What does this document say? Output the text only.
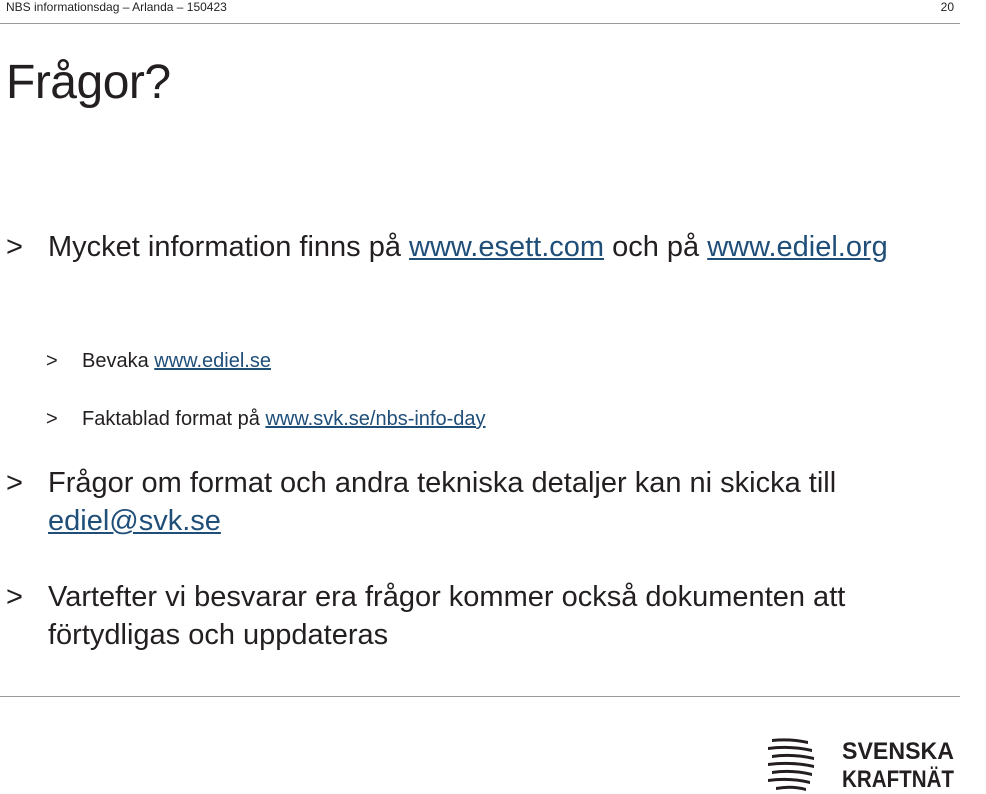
NBS informationsdag – Arlanda – 150423	20
Frågor?
> Mycket information finns på www.esett.com och på www.ediel.org
>	Bevaka www.ediel.se
>	Faktablad format på www.svk.se/nbs-info-day
> Frågor om format och andra tekniska detaljer kan ni skicka till ediel@svk.se
> Vartefter vi besvarar era frågor kommer också dokumenten att förtydligas och uppdateras
SVENSKA
KRAFTNÄT
